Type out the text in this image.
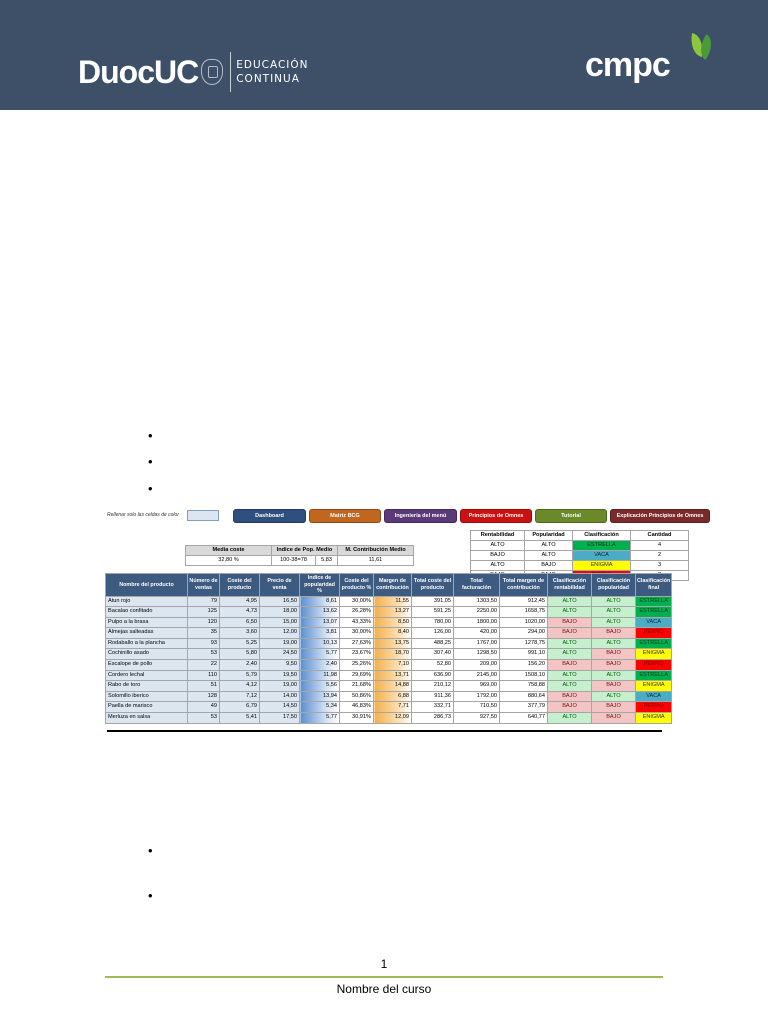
DuocUC	EDUCACIÓN
CONTINUA	cmpc
•
•
•
Rellenar solo las celdas de color	Dashboard	Matriz BCG	Ingeniería del menú	Principios de Omnes	Tutorial	Explicación Principios de Omnes
Rentabilidad	Popularidad	Clasificación	Cantidad
ALTO	ALTO	ESTRELLA	4
BAJO	ALTO	VACA	2
ALTO	BAJO	ENIGMA	3

Media coste	Indice de Pop. Medio		M. Contribución Medio
32,80 %	100-38=78	5,83	11,61
Nombre del producto	Número de ventas	Coste del producto	Precio de venta	Indice de popularidad %	Coste del producto %	Margen de contribución	Total coste del producto	Total facturación	Total margen de contribución	Clasificación rentabilidad	Clasificación popularidad	Clasificación final
Atun rojo	79	4,95	16,50	8,61	30,00%	11,55	391,05	1303,50	912,45	ALTO	ALTO	ESTRELLA
Bacalao confitado	125	4,73	18,00	13,62	26,28%	13,27	591,25	2250,00	1658,75	ALTO	ALTO	ESTRELLA
Pulpo a la brasa	120	6,50	15,00	13,07	43,33%	8,50	780,00	1800,00	1020,00	BAJO	ALTO	VACA
Almejas salteadas	35	3,60	12,00	3,81	30,00%	8,40	126,00	420,00	294,00	BAJO	BAJO	PERRO
Rodaballo a la plancha	93	5,25	19,00	10,13	27,63%	13,75	488,25	1767,00	1278,75	ALTO	ALTO	ESTRELLA
Cochinillo asado	53	5,80	24,50	5,77	23,67%	18,70	307,40	1298,50	991,10	ALTO	BAJO	ENIGMA
Escalope de pollo	22	2,40	9,50	2,40	25,26%	7,10	52,80	209,00	156,20	BAJO	BAJO	PERRO
Cordero lechal	110	5,79	19,50	11,98	29,69%	13,71	636,90	2145,00	1508,10	ALTO	ALTO	ESTRELLA
Rabo de toro	51	4,12	19,00	5,56	21,68%	14,88	210,12	969,00	758,88	ALTO	BAJO	ENIGMA
Solomillo iberico	128	7,12	14,00	13,94	50,86%	6,88	911,36	1792,00	880,64	BAJO	ALTO	VACA
Paella de marisco	49	6,79	14,50	5,34	46,83%	7,71	332,71	710,50	377,79	BAJO	BAJO	PERRO
Merluza en salsa	53	5,41	17,50	5,77	30,91%	12,09	286,73	927,50	640,77	ALTO	BAJO	ENIGMA
•
•
1
Nombre del curso
